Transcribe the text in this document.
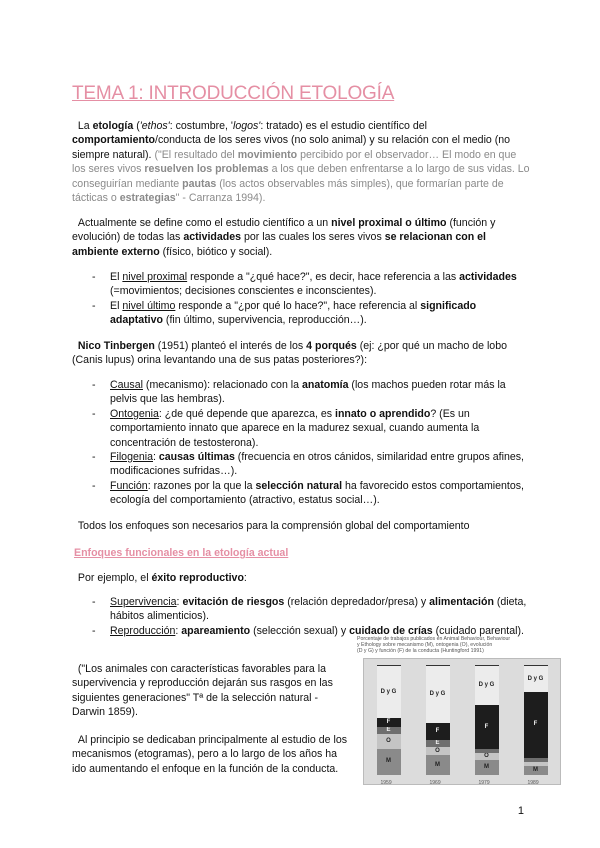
TEMA 1: INTRODUCCIÓN ETOLOGÍA
La etología ('ethos': costumbre, 'logos': tratado) es el estudio científico del comportamiento/conducta de los seres vivos (no solo animal) y su relación con el medio (no siempre natural). ("El resultado del movimiento percibido por el observador… El modo en que los seres vivos resuelven los problemas a los que deben enfrentarse a lo largo de sus vidas. Lo conseguirían mediante pautas (los actos observables más simples), que formarían parte de tácticas o estrategias" - Carranza 1994).
Actualmente se define como el estudio científico a un nivel proximal o último (función y evolución) de todas las actividades por las cuales los seres vivos se relacionan con el ambiente externo (físico, biótico y social).
- El nivel proximal responde a "¿qué hace?", es decir, hace referencia a las actividades (=movimientos; decisiones conscientes e inconscientes).
- El nivel último responde a "¿por qué lo hace?", hace referencia al significado adaptativo (fin último, supervivencia, reproducción…).
Nico Tinbergen (1951) planteó el interés de los 4 porqués (ej: ¿por qué un macho de lobo (Canis lupus) orina levantando una de sus patas posteriores?):
- Causal (mecanismo): relacionado con la anatomía (los machos pueden rotar más la pelvis que las hembras).
- Ontogenia: ¿de qué depende que aparezca, es innato o aprendido? (Es un comportamiento innato que aparece en la madurez sexual, cuando aumenta la concentración de testosterona).
- Filogenia: causas últimas (frecuencia en otros cánidos, similaridad entre grupos afines, modificaciones sufridas…).
- Función: razones por la que la selección natural ha favorecido estos comportamientos, ecología del comportamiento (atractivo, estatus social…).
Todos los enfoques son necesarios para la comprensión global del comportamiento
Enfoques funcionales en la etología actual
Por ejemplo, el éxito reproductivo:
- Supervivencia: evitación de riesgos (relación depredador/presa) y alimentación (dieta, hábitos alimenticios).
- Reproducción: apareamiento (selección sexual) y cuidado de crías (cuidado parental).
("Los animales con características favorables para la supervivencia y reproducción dejarán sus rasgos en las siguientes generaciones" Tª de la selección natural - Darwin 1859).
Al principio se dedicaban principalmente al estudio de los mecanismos (etogramas), pero a lo largo de los años ha ido aumentando el enfoque en la función de la conducta.
Porcentaje de trabajos publicados en Animal Behaviour, Behaviour
y Ethology sobre mecanismo (M), ontogenia (O), evolución
(D y G) y función (F) de la conducta (Huntingford 1991)
M
O
E
F
D y G
1959
M
O
E
F
D y G
1969
M
O
F
D y G
1979
M
F
D y G
1989
1
